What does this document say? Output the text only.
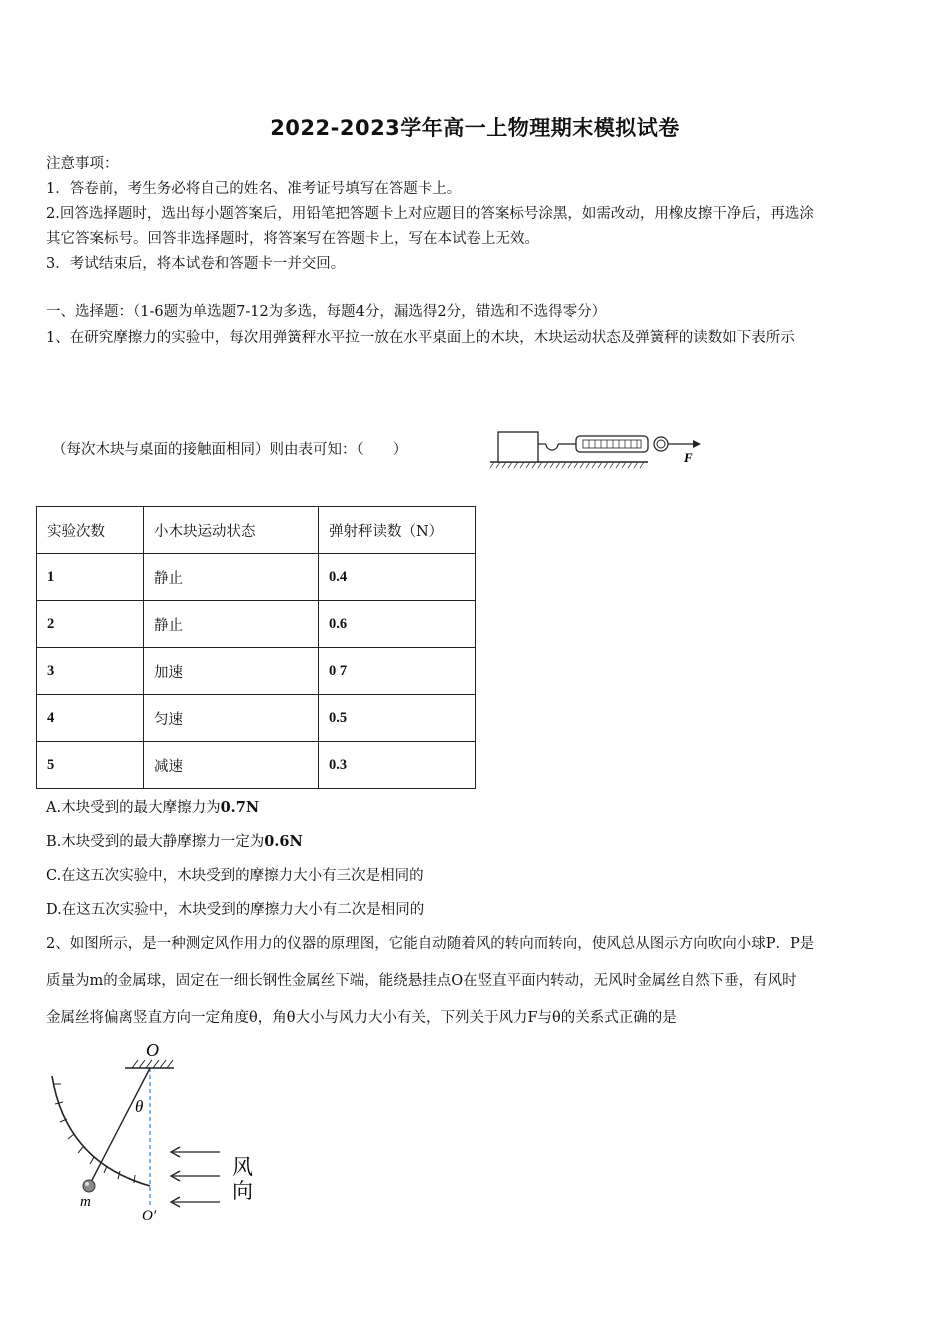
2022-2023学年高一上物理期末模拟试卷
注意事项：
1．答卷前，考生务必将自己的姓名、准考证号填写在答题卡上。
2.回答选择题时，选出每小题答案后，用铅笔把答题卡上对应题目的答案标号涂黑，如需改动，用橡皮擦干净后，再选涂
其它答案标号。回答非选择题时，将答案写在答题卡上，写在本试卷上无效。
3．考试结束后，将本试卷和答题卡一并交回。
一、选择题：（1-6题为单选题7-12为多选，每题4分，漏选得2分，错选和不选得零分）
1、在研究摩擦力的实验中，每次用弹簧秤水平拉一放在水平桌面上的木块，木块运动状态及弹簧秤的读数如下表所示
（每次木块与桌面的接触面相同）则由表可知：（　　）	F
实验次数	小木块运动状态	弹射秤读数（N）
1	静止	0.4
2	静止	0.6
3	加速	0 7
4	匀速	0.5
5	减速	0.3
A.木块受到的最大摩擦力为0.7N
B.木块受到的最大静摩擦力一定为0.6N
C.在这五次实验中，木块受到的摩擦力大小有三次是相同的
D.在这五次实验中，木块受到的摩擦力大小有二次是相同的
2、如图所示，是一种测定风作用力的仪器的原理图，它能自动随着风的转向而转向，使风总从图示方向吹向小球P．P是
质量为m的金属球，固定在一细长钢性金属丝下端，能绕悬挂点O在竖直平面内转动，无风时金属丝自然下垂，有风时
金属丝将偏离竖直方向一定角度θ，角θ大小与风力大小有关，下列关于风力F与θ的关系式正确的是
O
θ
m
O′
风
向
